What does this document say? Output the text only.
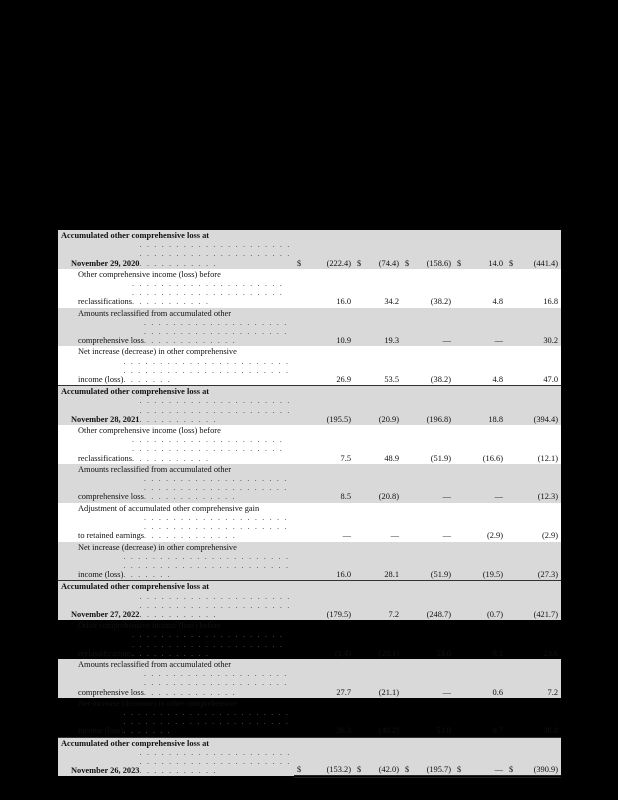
Accumulated other comprehensive loss at

November 29, 2020
. . .	$	(222.4)	$	(74.4)	$	(158.6)	$	14.0	$	(441.4)
Other comprehensive income (loss) before

reclassifications
. . .		16.0		34.2		(38.2)		4.8		16.8
Amounts reclassified from accumulated other

comprehensive loss
. . .		10.9		19.3		—		—		30.2
Net increase (decrease) in other comprehensive

income (loss)
. . .		26.9		53.5		(38.2)		4.8		47.0
Accumulated other comprehensive loss at

November 28, 2021
. . .		(195.5)		(20.9)		(196.8)		18.8		(394.4)
Other comprehensive income (loss) before

reclassifications
. . .		7.5		48.9		(51.9)		(16.6)		(12.1)
Amounts reclassified from accumulated other

comprehensive loss
. . .		8.5		(20.8)		—		—		(12.3)
Adjustment of accumulated other comprehensive gain

to retained earnings
. . .		—		—		—		(2.9)		(2.9)
Net increase (decrease) in other comprehensive

income (loss)
. . .		16.0		28.1		(51.9)		(19.5)		(27.3)
Accumulated other comprehensive loss at

November 27, 2022
. . .		(179.5)		7.2		(248.7)		(0.7)		(421.7)
Other comprehensive income (loss) before

reclassifications
. . .		(1.4)		(28.1)		53.0		0.1		23.6
Amounts reclassified from accumulated other

comprehensive loss
. . .		27.7		(21.1)		—		0.6		7.2
Net increase (decrease) in other comprehensive

income (loss)
. . .		26.3		(49.2)		53.0		0.7		30.8
Accumulated other comprehensive loss at

November 26, 2023
. . .	$	(153.2)	$	(42.0)	$	(195.7)	$	—	$	(390.9)
